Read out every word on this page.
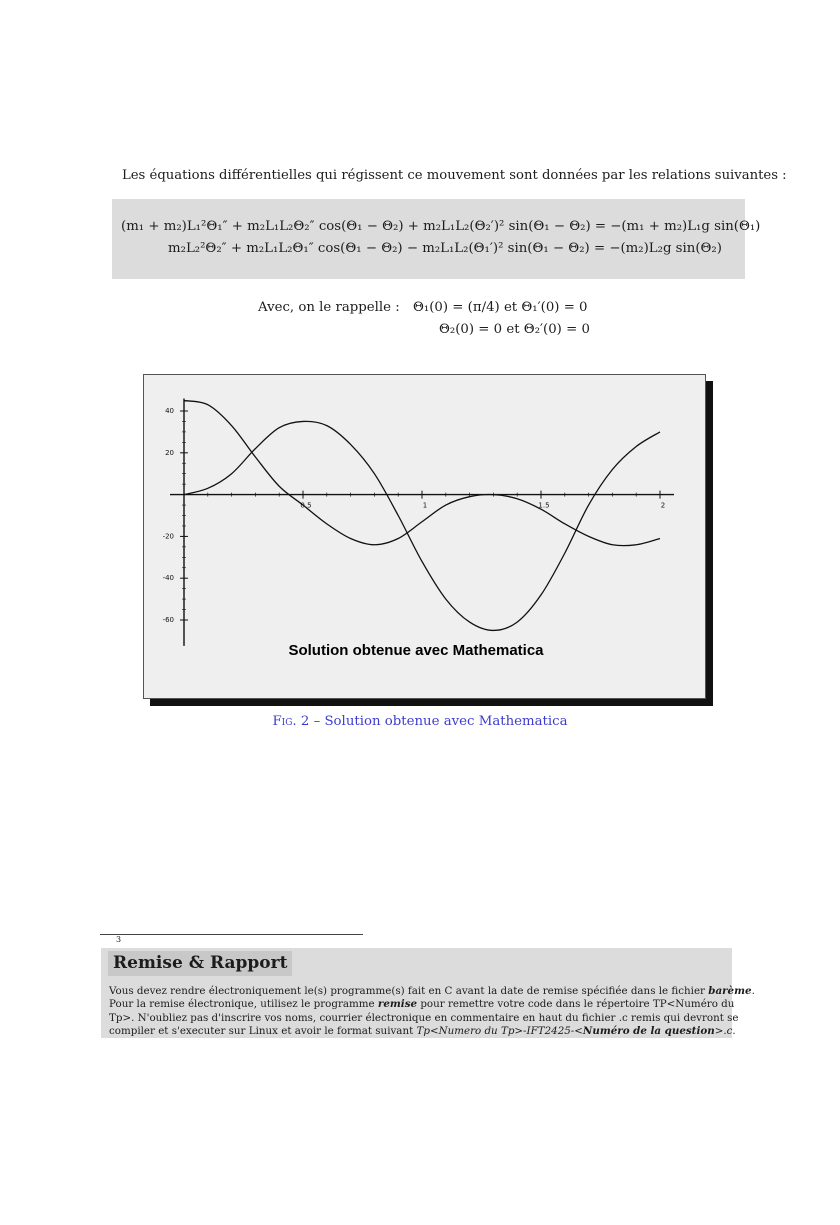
Les équations différentielles qui régissent ce mouvement sont données par les relations suivantes :
(m₁ + m₂)L₁²Θ₁″ + m₂L₁L₂Θ₂″ cos(Θ₁ − Θ₂) + m₂L₁L₂(Θ₂′)² sin(Θ₁ − Θ₂) = −(m₁ + m₂)L₁g sin(Θ₁)
m₂L₂²Θ₂″ + m₂L₁L₂Θ₁″ cos(Θ₁ − Θ₂) − m₂L₁L₂(Θ₁′)² sin(Θ₁ − Θ₂) = −(m₂)L₂g sin(Θ₂)
Avec, on le rappelle : Θ₁(0) = (π/4) et Θ₁′(0) = 0
Θ₂(0) = 0 et Θ₂′(0) = 0
0.5	1	1.5	2
40
20
-20
-40
-60
Solution obtenue avec Mathematica
Fig. 2 – Solution obtenue avec Mathematica
3
Remise & Rapport
Vous devez rendre électroniquement le(s) programme(s) fait en C avant la date de remise spécifiée dans le fichier barème.
Pour la remise électronique, utilisez le programme remise pour remettre votre code dans le répertoire TP<Numéro du
Tp>. N'oubliez pas d'inscrire vos noms, courrier électronique en commentaire en haut du fichier .c remis qui devront se
compiler et s'executer sur Linux et avoir le format suivant Tp<Numero du Tp>-IFT2425-<Numéro de la question>.c.
